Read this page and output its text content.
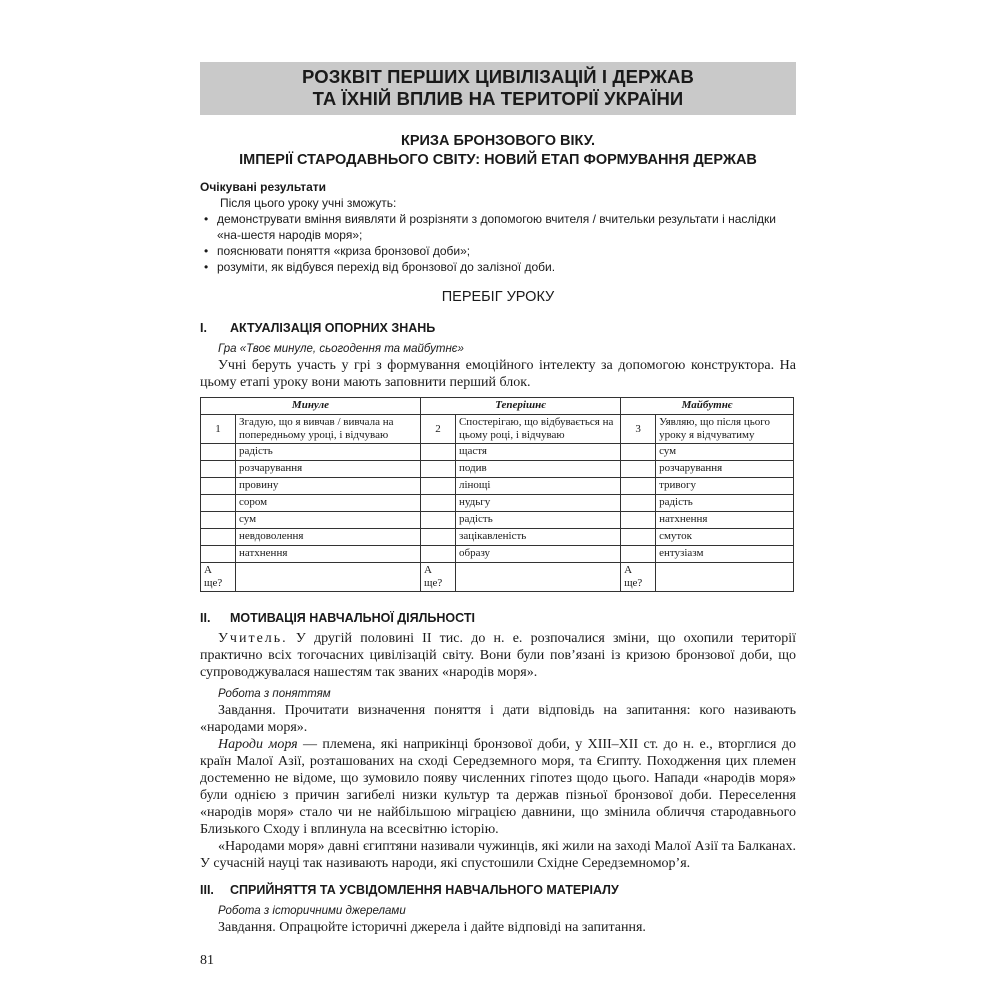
РОЗКВІТ ПЕРШИХ ЦИВІЛІЗАЦІЙ І ДЕРЖАВ
ТА ЇХНІЙ ВПЛИВ НА ТЕРИТОРІЇ УКРАЇНИ
КРИЗА БРОНЗОВОГО ВІКУ.
ІМПЕРІЇ СТАРОДАВНЬОГО СВІТУ: НОВИЙ ЕТАП ФОРМУВАННЯ ДЕРЖАВ
Очікувані результати
Після цього уроку учні зможуть:
• демонструвати вміння виявляти й розрізняти з допомогою вчителя / вчительки результати і наслідки «на-шестя народів моря»;
• пояснювати поняття «криза бронзової доби»;
• розуміти, як відбувся перехід від бронзової до залізної доби.
ПЕРЕБІГ УРОКУ
I. АКТУАЛІЗАЦІЯ ОПОРНИХ ЗНАНЬ
Гра «Твоє минуле, сьогодення та майбутнє»
Учні беруть участь у грі з формування емоційного інтелекту за допомогою конструктора. На цьому етапі уроку вони мають заповнити перший блок.
Минуле		Теперішнє		Майбутнє	
1	Згадую, що я вивчав / вивчала на попередньому уроці, і відчуваю	2	Спостерігаю, що відбувається на цьому році, і відчуваю	3	Уявляю, що після цього уроку я відчуватиму
	радість		щастя		сум
	розчарування		подив		розчарування
	провину		лінощі		тривогу
	сором		нудьгу		радість
	сум		радість		натхнення
	невдоволення		зацікавленість		смуток
	натхнення		образу		ентузіазм
А ще?		А ще?		А ще?	
II. МОТИВАЦІЯ НАВЧАЛЬНОЇ ДІЯЛЬНОСТІ
Учитель. У другій половині II тис. до н. е. розпочалися зміни, що охопили території практично всіх тогочасних цивілізацій світу. Вони були пов’язані із кризою бронзової доби, що супроводжувалася нашестям так званих «народів моря».
Робота з поняттям
Завдання. Прочитати визначення поняття і дати відповідь на запитання: кого називають «народами моря».
Народи моря — племена, які наприкінці бронзової доби, у XIII–XII ст. до н. е., вторглися до країн Малої Азії, розташованих на сході Середземного моря, та Єгипту. Походження цих племен достеменно не відоме, що зумовило появу численних гіпотез щодо цього. Напади «народів моря» були однією з причин загибелі низки культур та держав пізньої бронзової доби. Переселення «народів моря» стало чи не найбільшою міграцією давнини, що змінила обличчя стародавнього Близького Сходу і вплинула на всесвітню історію.
«Народами моря» давні єгиптяни називали чужинців, які жили на заході Малої Азії та Балканах. У сучасній науці так називають народи, які спустошили Східне Середземномор’я.
III. СПРИЙНЯТТЯ ТА УСВІДОМЛЕННЯ НАВЧАЛЬНОГО МАТЕРІАЛУ
Робота з історичними джерелами
Завдання. Опрацюйте історичні джерела і дайте відповіді на запитання.
81
